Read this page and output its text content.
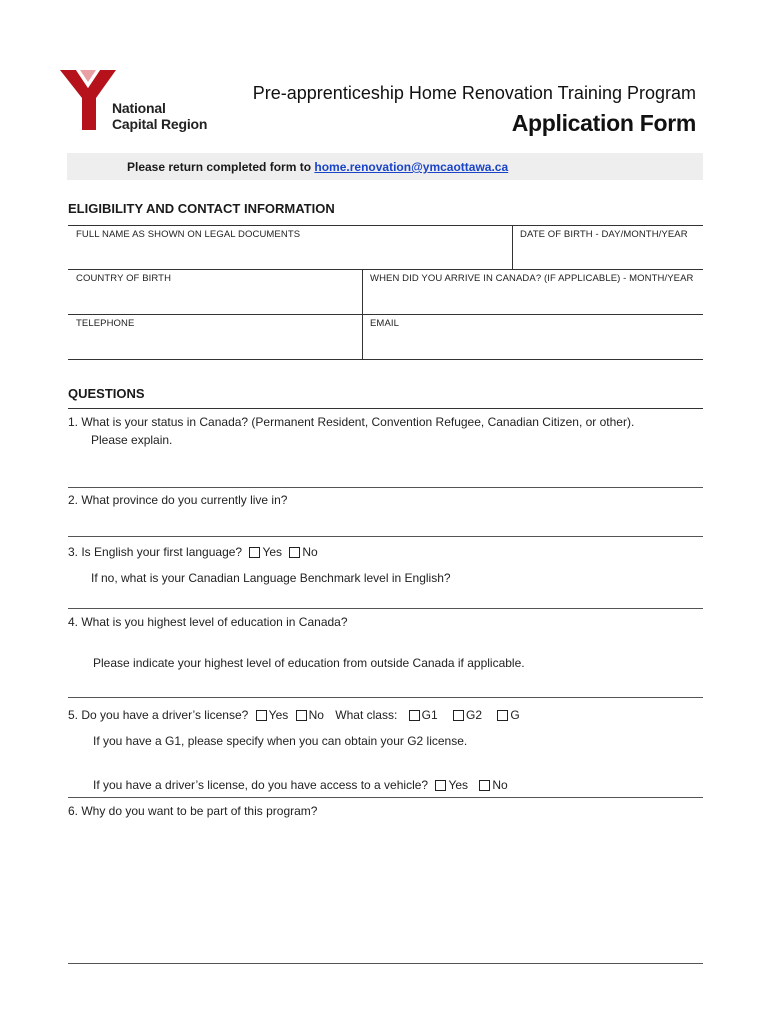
National
Capital Region
Pre-apprenticeship Home Renovation Training Program
Application Form
Please return completed form to home.renovation@ymcaottawa.ca
ELIGIBILITY AND CONTACT INFORMATION
FULL NAME AS SHOWN ON LEGAL DOCUMENTS	DATE OF BIRTH - DAY/MONTH/YEAR
COUNTRY OF BIRTH	WHEN DID YOU ARRIVE IN CANADA? (IF APPLICABLE) - MONTH/YEAR
TELEPHONE	EMAIL
QUESTIONS
1. What is your status in Canada? (Permanent Resident, Convention Refugee, Canadian Citizen, or other).
Please explain.
2. What province do you currently live in?
3. Is English your first language? Yes No
If no, what is your Canadian Language Benchmark level in English?
4. What is you highest level of education in Canada?
Please indicate your highest level of education from outside Canada if applicable.
5. Do you have a driver’s license? Yes No What class: G1 G2 G
If you have a G1, please specify when you can obtain your G2 license.
If you have a driver’s license, do you have access to a vehicle? Yes No
6. Why do you want to be part of this program?
